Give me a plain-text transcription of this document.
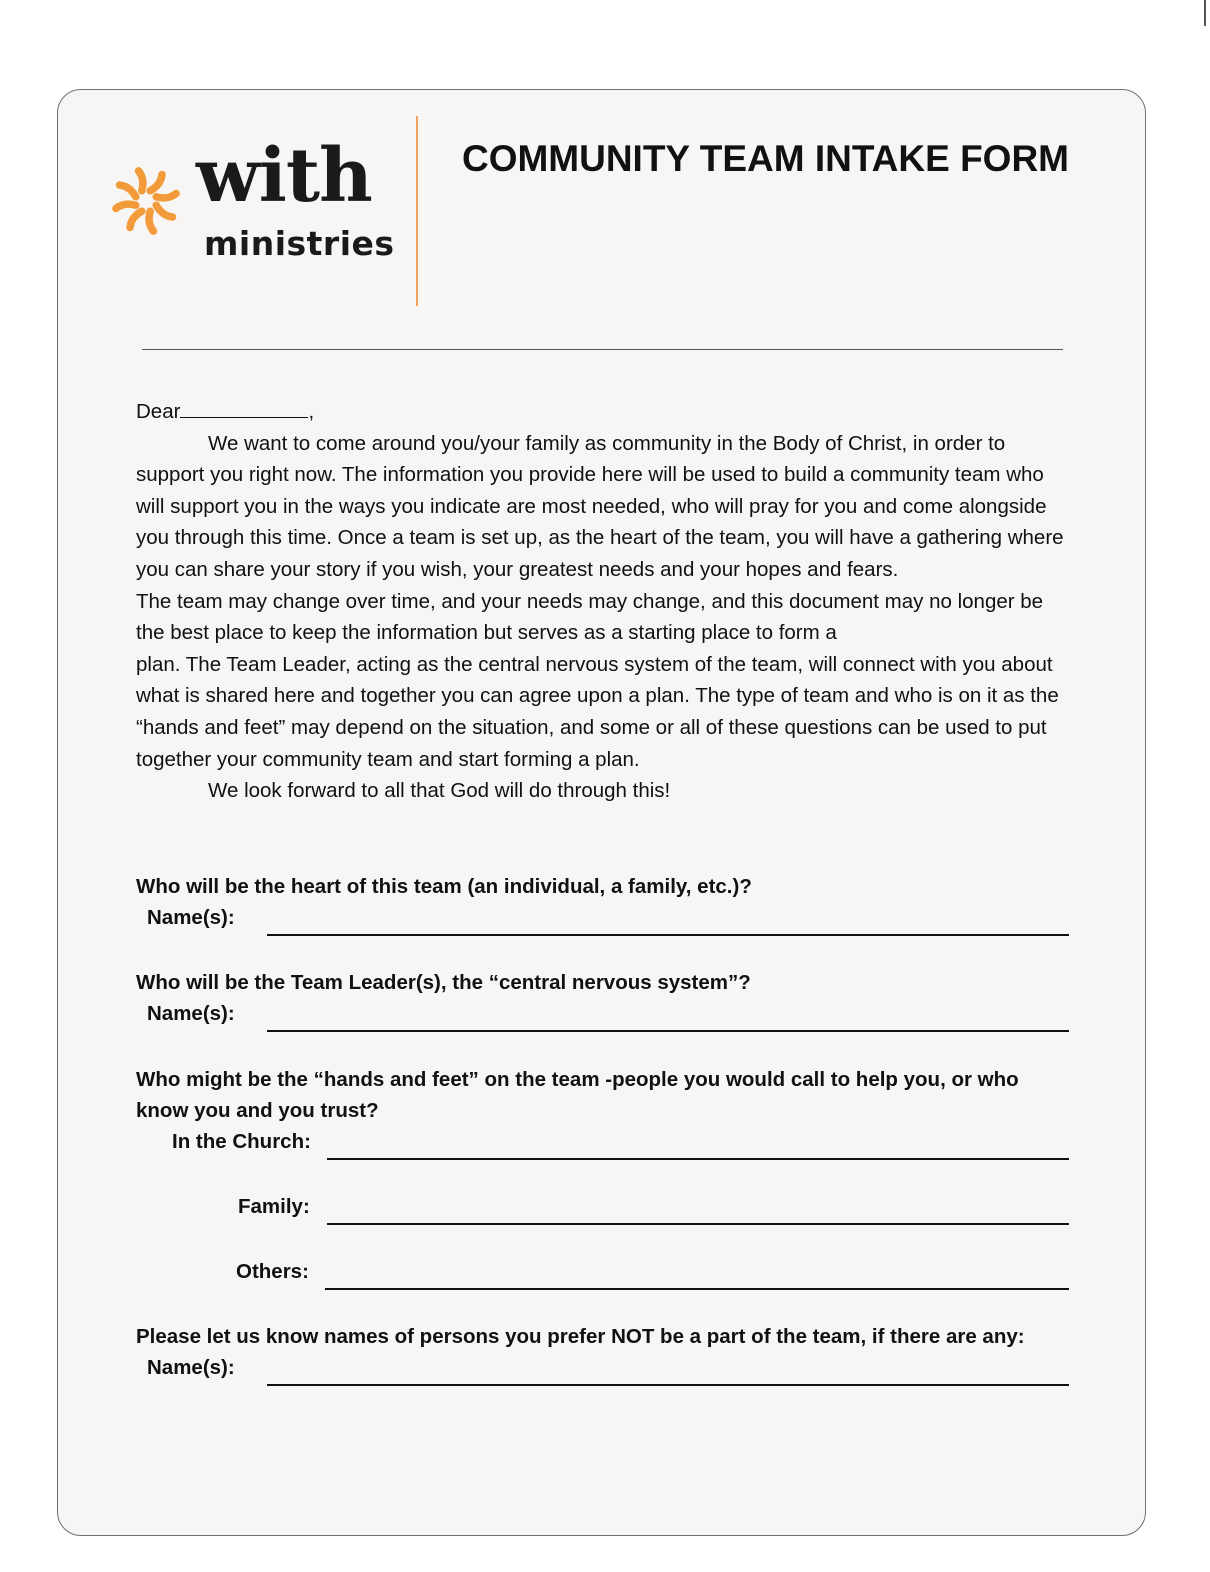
with
ministries
COMMUNITY TEAM INTAKE FORM

Dear	,

We want to come around you/your family as community in the Body of Christ, in order to support you right now. The information you provide here will be used to build a community team who will support you in the ways you indicate are most needed, who will pray for you and come alongside you through this time. Once a team is set up, as the heart of the team, you will have a gathering where you can share your story if you wish, your greatest needs and your hopes and fears.

The team may change over time, and your needs may change, and this document may no longer be the best place to keep the information but serves as a starting place to form a

plan. The Team Leader, acting as the central nervous system of the team, will connect with you about what is shared here and together you can agree upon a plan. The type of team and who is on it as the “hands and feet” may depend on the situation, and some or all of these questions can be used to put together your community team and start forming a plan.

We look forward to all that God will do through this!

Who will be the heart of this team (an individual, a family, etc.)?
Name(s):
Who will be the Team Leader(s), the “central nervous system”?
Name(s):
Who might be the “hands and feet” on the team -people you would call to help you, or who know you and you trust?
In the Church:
Family:
Others:
Please let us know names of persons you prefer NOT be a part of the team, if there are any:
Name(s):
